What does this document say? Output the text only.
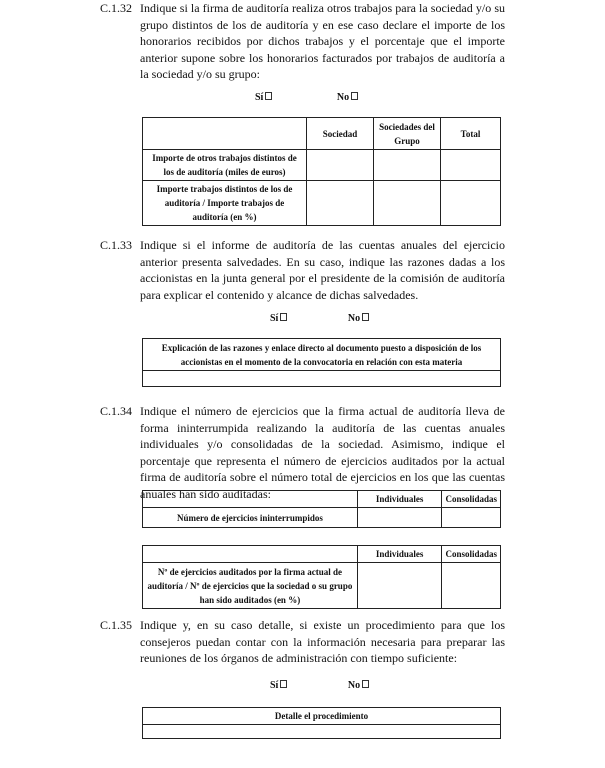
C.1.32 Indique si la firma de auditoría realiza otros trabajos para la sociedad y/o su grupo distintos de los de auditoría y en ese caso declare el importe de los honorarios recibidos por dichos trabajos y el porcentaje que el importe anterior supone sobre los honorarios facturados por trabajos de auditoría a la sociedad y/o su grupo:
Sí	No
	Sociedad	Sociedades del Grupo	Total
Importe de otros trabajos distintos de los de auditoría (miles de euros)			
Importe trabajos distintos de los de auditoría / Importe trabajos de auditoría (en %)			
C.1.33 Indique si el informe de auditoría de las cuentas anuales del ejercicio anterior presenta salvedades. En su caso, indique las razones dadas a los accionistas en la junta general por el presidente de la comisión de auditoría para explicar el contenido y alcance de dichas salvedades.
Sí	No
Explicación de las razones y enlace directo al documento puesto a disposición de los accionistas en el momento de la convocatoria en relación con esta materia

C.1.34 Indique el número de ejercicios que la firma actual de auditoría lleva de forma ininterrumpida realizando la auditoría de las cuentas anuales individuales y/o consolidadas de la sociedad. Asimismo, indique el porcentaje que representa el número de ejercicios auditados por la actual firma de auditoría sobre el número total de ejercicios en los que las cuentas anuales han sido auditadas:
		Individuales	Consolidadas
Número de ejercicios ininterrumpidos		
	Individuales	Consolidadas
Nº de ejercicios auditados por la firma actual de auditoría / Nº de ejercicios que la sociedad o su grupo han sido auditados (en %)		
C.1.35 Indique y, en su caso detalle, si existe un procedimiento para que los consejeros puedan contar con la información necesaria para preparar las reuniones de los órganos de administración con tiempo suficiente:
Sí	No
Detalle el procedimiento
